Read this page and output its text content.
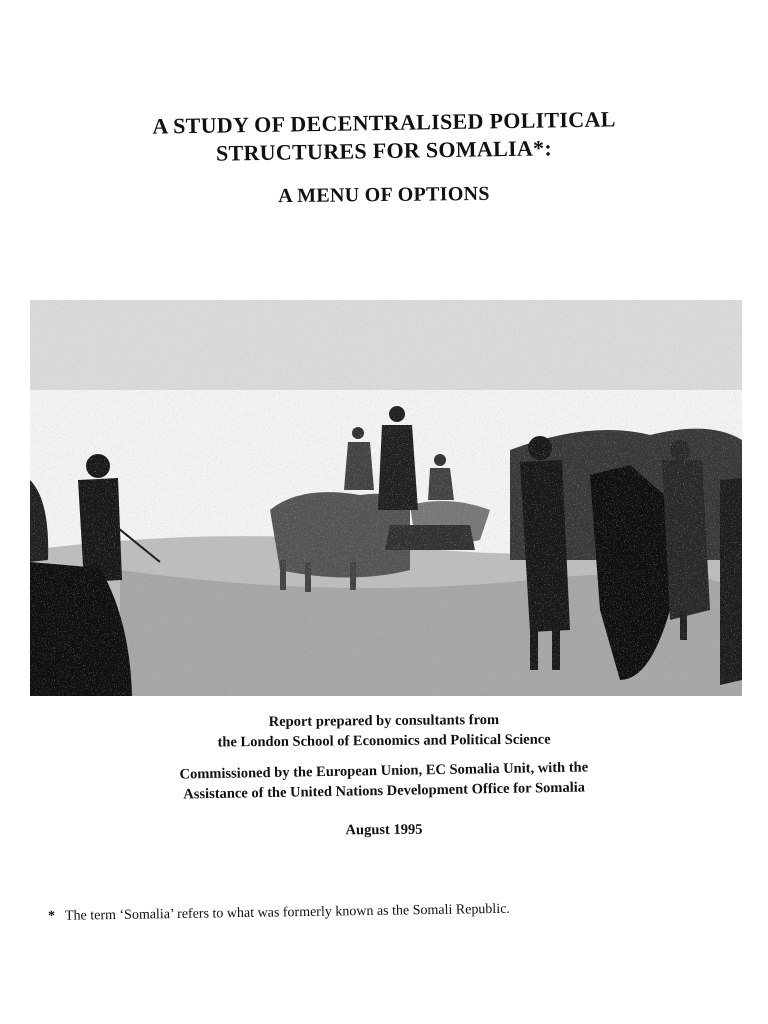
A STUDY OF DECENTRALISED POLITICAL
STRUCTURES FOR SOMALIA*:
A MENU OF OPTIONS
Report prepared by consultants from
the London School of Economics and Political Science
Commissioned by the European Union, EC Somalia Unit, with the
Assistance of the United Nations Development Office for Somalia
August 1995
* The term ‘Somalia’ refers to what was formerly known as the Somali Republic.
